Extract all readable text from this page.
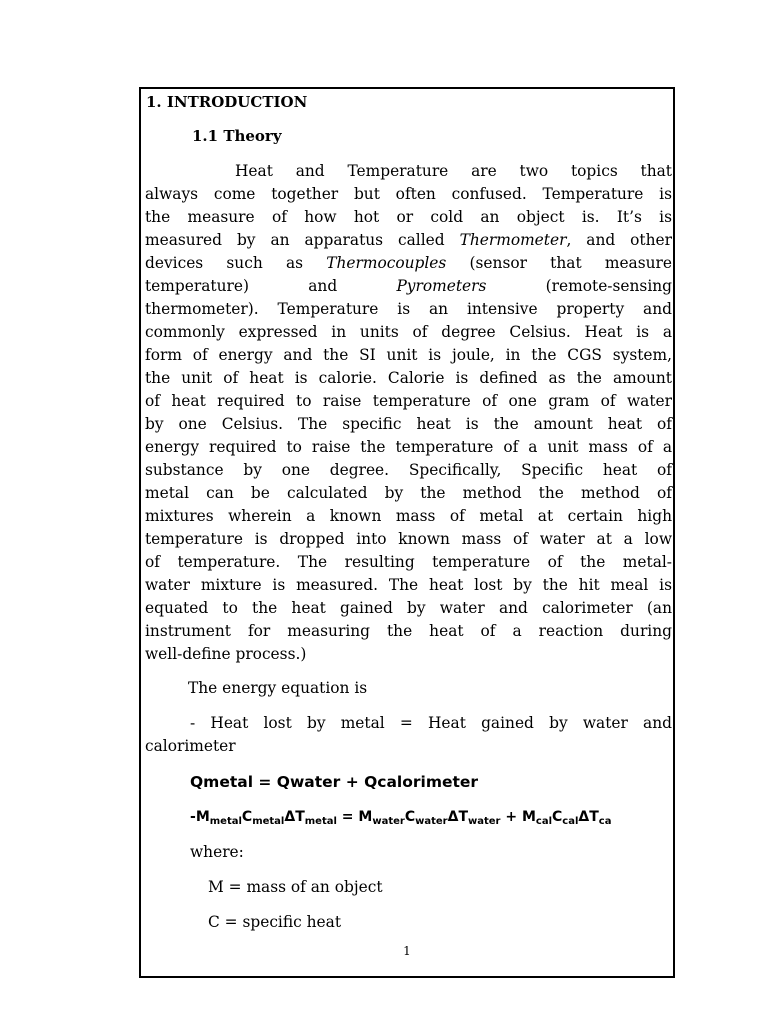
1. INTRODUCTION
1.1 Theory
Heat and Temperature are two topics that
always come together but often confused. Temperature is
the measure of how hot or cold an object is. It’s is
measured by an apparatus called Thermometer, and other
devices such as Thermocouples (sensor that measure
temperature) and Pyrometers (remote-sensing
thermometer). Temperature is an intensive property and
commonly expressed in units of degree Celsius. Heat is a
form of energy and the SI unit is joule, in the CGS system,
the unit of heat is calorie. Calorie is defined as the amount
of heat required to raise temperature of one gram of water
by one Celsius. The specific heat is the amount heat of
energy required to raise the temperature of a unit mass of a
substance by one degree. Specifically, Specific heat of
metal can be calculated by the method the method of
mixtures wherein a known mass of metal at certain high
temperature is dropped into known mass of water at a low
of temperature. The resulting temperature of the metal-
water mixture is measured. The heat lost by the hit meal is
equated to the heat gained by water and calorimeter (an
instrument for measuring the heat of a reaction during
well-define process.)
The energy equation is
- Heat lost by metal = Heat gained by water and
calorimeter
Qmetal = Qwater + Qcalorimeter
$-M_{metal}C_{metal}\Delta T_{metal} = M_{water}C_{water}\Delta T_{water} + M_{cal}C_{cal}\Delta T_{ca}$
where:
M = mass of an object
C = specific heat
1
